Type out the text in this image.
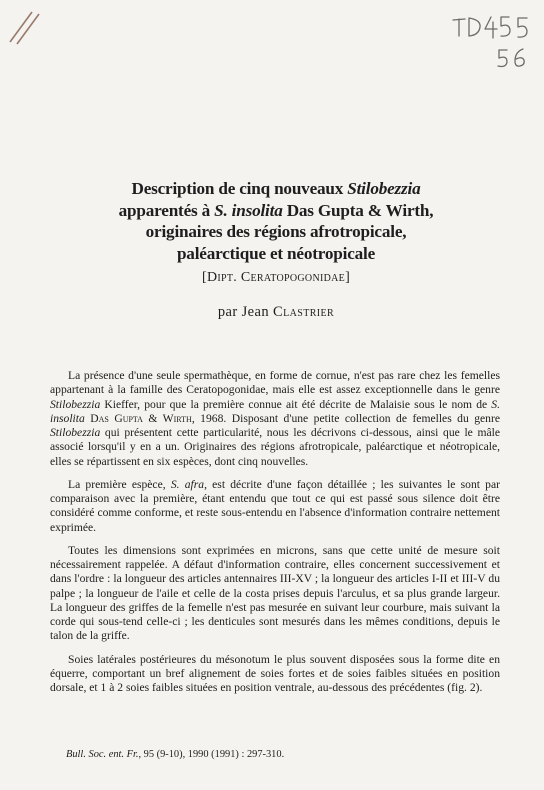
Description de cinq nouveaux Stilobezzia
apparentés à S. insolita Das Gupta & Wirth,
originaires des régions afrotropicale,
paléarctique et néotropicale
[Dipt. Ceratopogonidae]
par Jean Clastrier

La présence d'une seule spermathèque, en forme de cornue, n'est pas rare chez les femelles appartenant à la famille des Ceratopogonidae, mais elle est assez exceptionnelle dans le genre Stilobezzia Kieffer, pour que la première connue ait été décrite de Malaisie sous le nom de S. insolita Das Gupta & Wirth, 1968. Disposant d'une petite collection de femelles du genre Stilobezzia qui présentent cette particularité, nous les décrivons ci-dessous, ainsi que le mâle associé lorsqu'il y en a un. Originaires des régions afrotropicale, paléarctique et néotropicale, elles se répartissent en six espèces, dont cinq nouvelles.

La première espèce, S. afra, est décrite d'une façon détaillée ; les suivantes le sont par comparaison avec la première, étant entendu que tout ce qui est passé sous silence doit être considéré comme conforme, et reste sous-entendu en l'absence d'information contraire nettement exprimée.

Toutes les dimensions sont exprimées en microns, sans que cette unité de mesure soit nécessairement rappelée. A défaut d'information contraire, elles concernent successivement et dans l'ordre : la longueur des articles antennaires III-XV ; la longueur des articles I-II et III-V du palpe ; la longueur de l'aile et celle de la costa prises depuis l'arculus, et sa plus grande largeur. La longueur des griffes de la femelle n'est pas mesurée en suivant leur courbure, mais suivant la corde qui sous-tend celle-ci ; les denticules sont mesurés dans les mêmes conditions, depuis le talon de la griffe.

Soies latérales postérieures du mésonotum le plus souvent disposées sous la forme dite en équerre, comportant un bref alignement de soies fortes et de soies faibles situées en position dorsale, et 1 à 2 soies faibles situées en position ventrale, au-dessous des précédentes (fig. 2).

Bull. Soc. ent. Fr., 95 (9-10), 1990 (1991) : 297-310.
